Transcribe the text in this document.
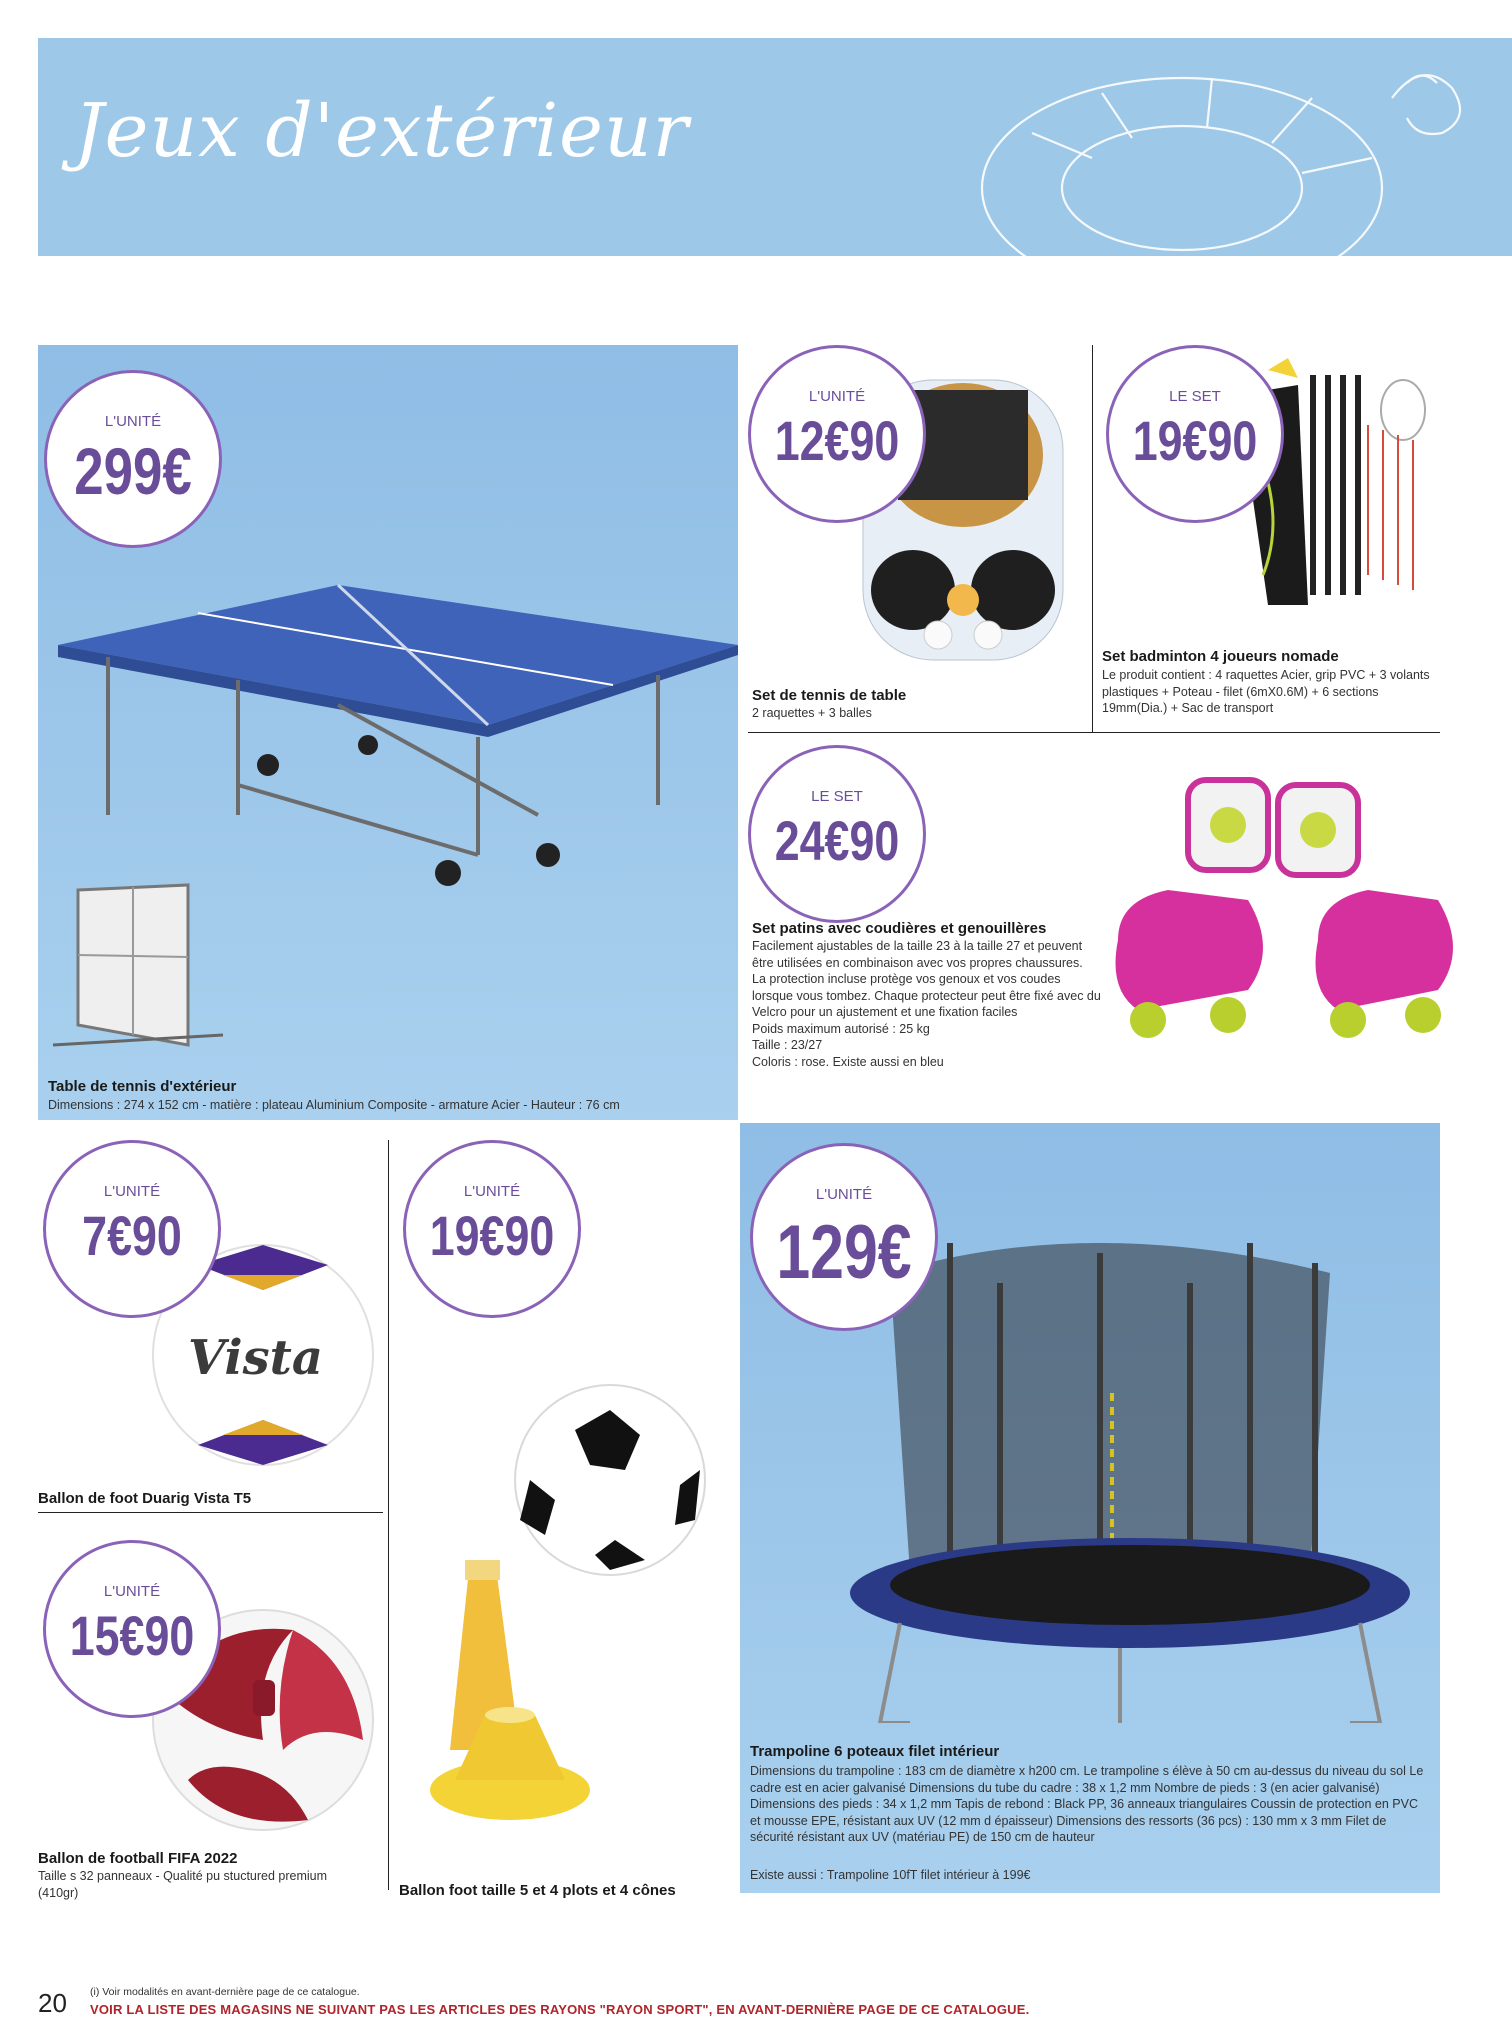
Jeux d'extérieur
L'UNITÉ
299€
Table de tennis d'extérieur
Dimensions : 274 x 152 cm - matière : plateau Aluminium Composite - armature Acier - Hauteur : 76 cm
L'UNITÉ
12€90
Set de tennis de table
2 raquettes + 3 balles
LE SET
19€90
Set badminton 4 joueurs nomade
Le produit contient : 4 raquettes Acier, grip PVC + 3 volants plastiques + Poteau - filet (6mX0.6M) + 6 sections 19mm(Dia.) + Sac de transport
LE SET
24€90
Set patins avec coudières et genouillères
Facilement ajustables de la taille 23 à la taille 27 et peuvent être utilisées en combinaison avec vos propres chaussures.
La protection incluse protège vos genoux et vos coudes lorsque vous tombez. Chaque protecteur peut être fixé avec du Velcro pour un ajustement et une fixation faciles
Poids maximum autorisé : 25 kg
Taille : 23/27
Coloris : rose. Existe aussi en bleu
Vista
L'UNITÉ
7€90
Ballon de foot Duarig Vista T5
L'UNITÉ
15€90
Ballon de football FIFA 2022
Taille s 32 panneaux - Qualité pu stuctured premium (410gr)
L'UNITÉ
19€90
Ballon foot taille 5 et 4 plots et 4 cônes
L'UNITÉ
129€
Trampoline 6 poteaux filet intérieur
Dimensions du trampoline : 183 cm de diamètre x h200 cm. Le trampoline s élève à 50 cm au-dessus du niveau du sol Le cadre est en acier galvanisé Dimensions du tube du cadre : 38 x 1,2 mm Nombre de pieds : 3 (en acier galvanisé) Dimensions des pieds : 34 x 1,2 mm Tapis de rebond : Black PP, 36 anneaux triangulaires Coussin de protection en PVC et mousse EPE, résistant aux UV (12 mm d épaisseur) Dimensions des ressorts (36 pcs) : 130 mm x 3 mm Filet de sécurité résistant aux UV (matériau PE) de 150 cm de hauteur
Existe aussi : Trampoline 10fT filet intérieur à 199€
20 (i) Voir modalités en avant-dernière page de ce catalogue.
VOIR LA LISTE DES MAGASINS NE SUIVANT PAS LES ARTICLES DES RAYONS "RAYON SPORT", EN AVANT-DERNIÈRE PAGE DE CE CATALOGUE.
